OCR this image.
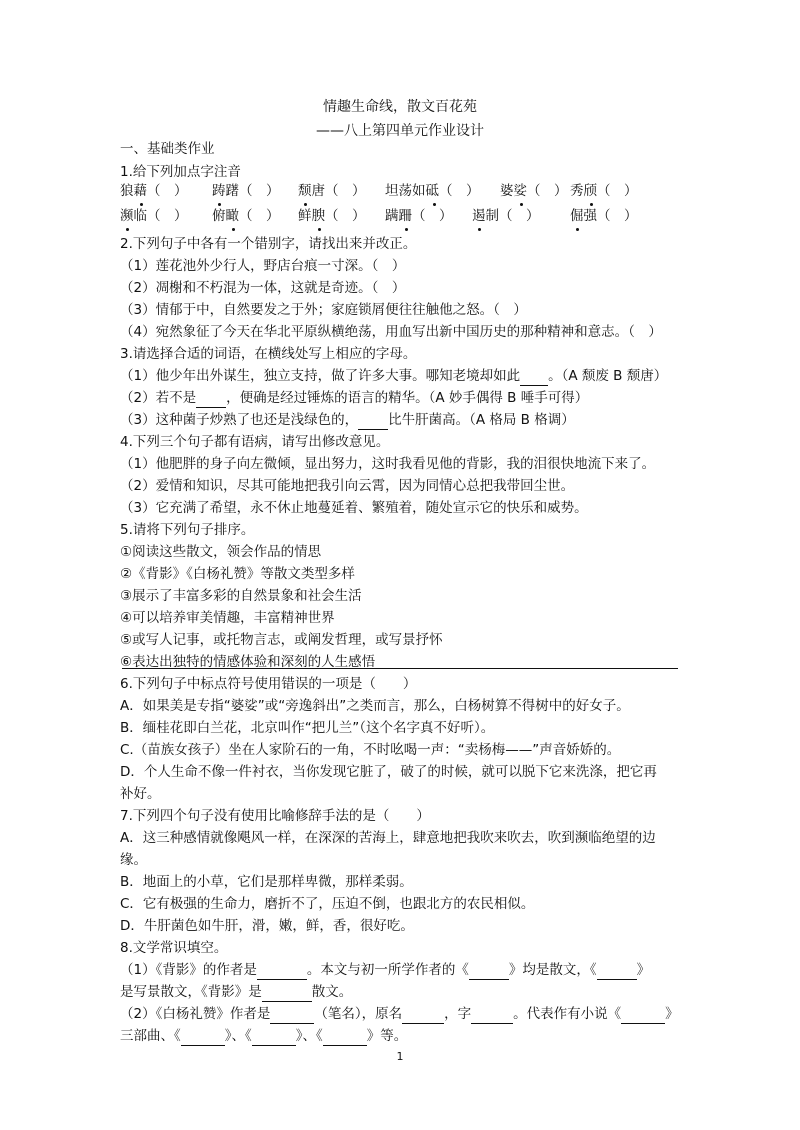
情趣生命线，散文百花苑
——八上第四单元作业设计
一、基础类作业
1.给下列加点字注音
狼藉（　） 踌躇（　） 颓唐（　） 坦荡如砥（　） 婆娑（　） 秀颀（　）
濒临（　） 俯瞰（　） 鲜腴（　） 蹒跚（　） 遏制（　） 倔强（　）
2.下列句子中各有一个错别字，请找出来并改正。
（1）莲花池外少行人，野店台痕一寸深。（　）
（2）凋榭和不朽混为一体，这就是奇迹。（　）
（3）情郁于中，自然要发之于外；家庭锁屑便往往触他之怒。（　）
（4）宛然象征了今天在华北平原纵横绝荡，用血写出新中国历史的那种精神和意志。（　）
3.请选择合适的词语，在横线处写上相应的字母。
（1）他少年出外谋生，独立支持，做了许多大事。哪知老境却如此 。（A 颓废 B 颓唐）
（2）若不是 ，便确是经过锤炼的语言的精华。（A 妙手偶得 B 唾手可得）
（3）这种菌子炒熟了也还是浅绿色的， 比牛肝菌高。（A 格局 B 格调）
4.下列三个句子都有语病，请写出修改意见。
（1）他肥胖的身子向左微倾，显出努力，这时我看见他的背影，我的泪很快地流下来了。
（2）爱情和知识，尽其可能地把我引向云霄，因为同情心总把我带回尘世。
（3）它充满了希望，永不休止地蔓延着、繁殖着，随处宣示它的快乐和威势。
5.请将下列句子排序。
①阅读这些散文，领会作品的情思
②《背影》《白杨礼赞》等散文类型多样
③展示了丰富多彩的自然景象和社会生活
④可以培养审美情趣，丰富精神世界
⑤或写人记事，或托物言志，或阐发哲理，或写景抒怀
⑥表达出独特的情感体验和深刻的人生感悟
6.下列句子中标点符号使用错误的一项是（　　）
A．如果美是专指“婆娑”或“旁逸斜出”之类而言，那么，白杨树算不得树中的好女子。
B．缅桂花即白兰花，北京叫作“把儿兰”（这个名字真不好听）。
C.（苗族女孩子）坐在人家阶石的一角，不时吆喝一声：“卖杨梅——”声音娇娇的。
D．个人生命不像一件衬衣，当你发现它脏了，破了的时候，就可以脱下它来洗涤，把它再
补好。
7.下列四个句子没有使用比喻修辞手法的是（　　）
A．这三种感情就像飓风一样，在深深的苦海上，肆意地把我吹来吹去，吹到濒临绝望的边
缘。
B．地面上的小草，它们是那样卑微，那样柔弱。
C．它有极强的生命力，磨折不了，压迫不倒，也跟北方的农民相似。
D．牛肝菌色如牛肝，滑，嫩，鲜，香，很好吃。
8.文学常识填空。
（1）《背影》的作者是	。本文与初一所学作者的《	》均是散文，《	》
是写景散文，《背影》是	散文。
（2）《白杨礼赞》作者是	（笔名），原名	，字	。代表作有小说《	》
三部曲、《	》、《	》、《	》等。
1
